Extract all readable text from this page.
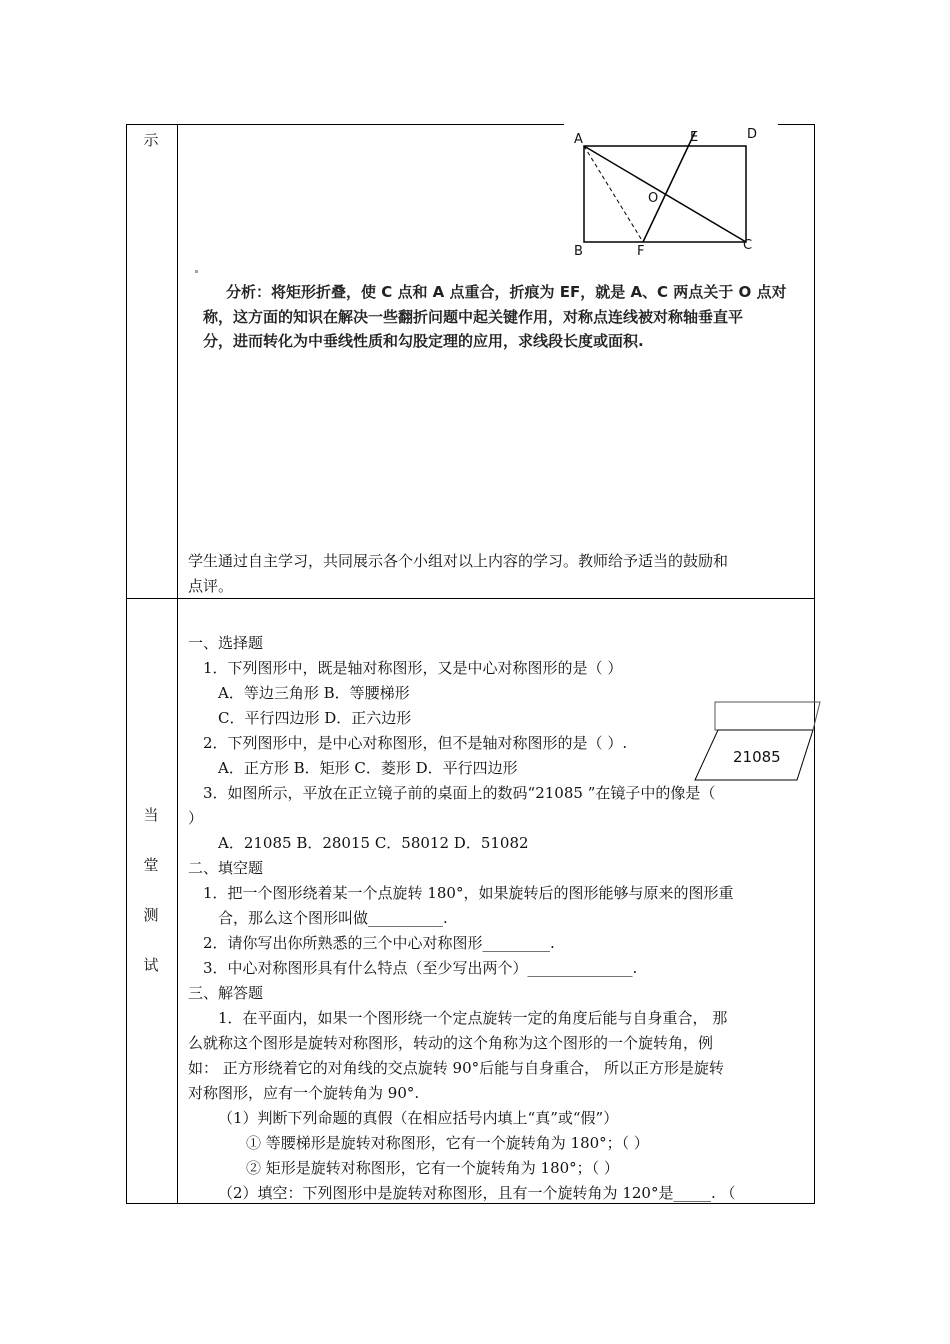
示
当
堂
测
试
A	E	D
O
B	F	C
分析：将矩形折叠，使 C 点和 A 点重合，折痕为 EF，就是 A、C 两点关于 O 点对
称，这方面的知识在解决一些翻折问题中起关键作用，对称点连线被对称轴垂直平
分，进而转化为中垂线性质和勾股定理的应用，求线段长度或面积.
学生通过自主学习，共同展示各个小组对以上内容的学习。教师给予适当的鼓励和
点评。
一、选择题
1．下列图形中，既是轴对称图形，又是中心对称图形的是（ ）
A．等边三角形 B．等腰梯形
C．平行四边形 D．正六边形
2．下列图形中，是中心对称图形，但不是轴对称图形的是（ ）.
A．正方形 B．矩形 C．菱形 D．平行四边形
3．如图所示，平放在正立镜子前的桌面上的数码“21085 ”在镜子中的像是（
）
A．21085 B．28015 C．58012 D．51082
21085
二、填空题
1．把一个图形绕着某一个点旋转 180°，如果旋转后的图形能够与原来的图形重
合，那么这个图形叫做__________.
2．请你写出你所熟悉的三个中心对称图形_________.
3．中心对称图形具有什么特点（至少写出两个）______________.
三、解答题
1．在平面内，如果一个图形绕一个定点旋转一定的角度后能与自身重合， 那
么就称这个图形是旋转对称图形，转动的这个角称为这个图形的一个旋转角，例
如： 正方形绕着它的对角线的交点旋转 90°后能与自身重合， 所以正方形是旋转
对称图形，应有一个旋转角为 90°.
（1）判断下列命题的真假（在相应括号内填上“真”或“假”）
① 等腰梯形是旋转对称图形，它有一个旋转角为 180°；（ ）
② 矩形是旋转对称图形，它有一个旋转角为 180°；（ ）
（2）填空：下列图形中是旋转对称图形，且有一个旋转角为 120°是_____. （
